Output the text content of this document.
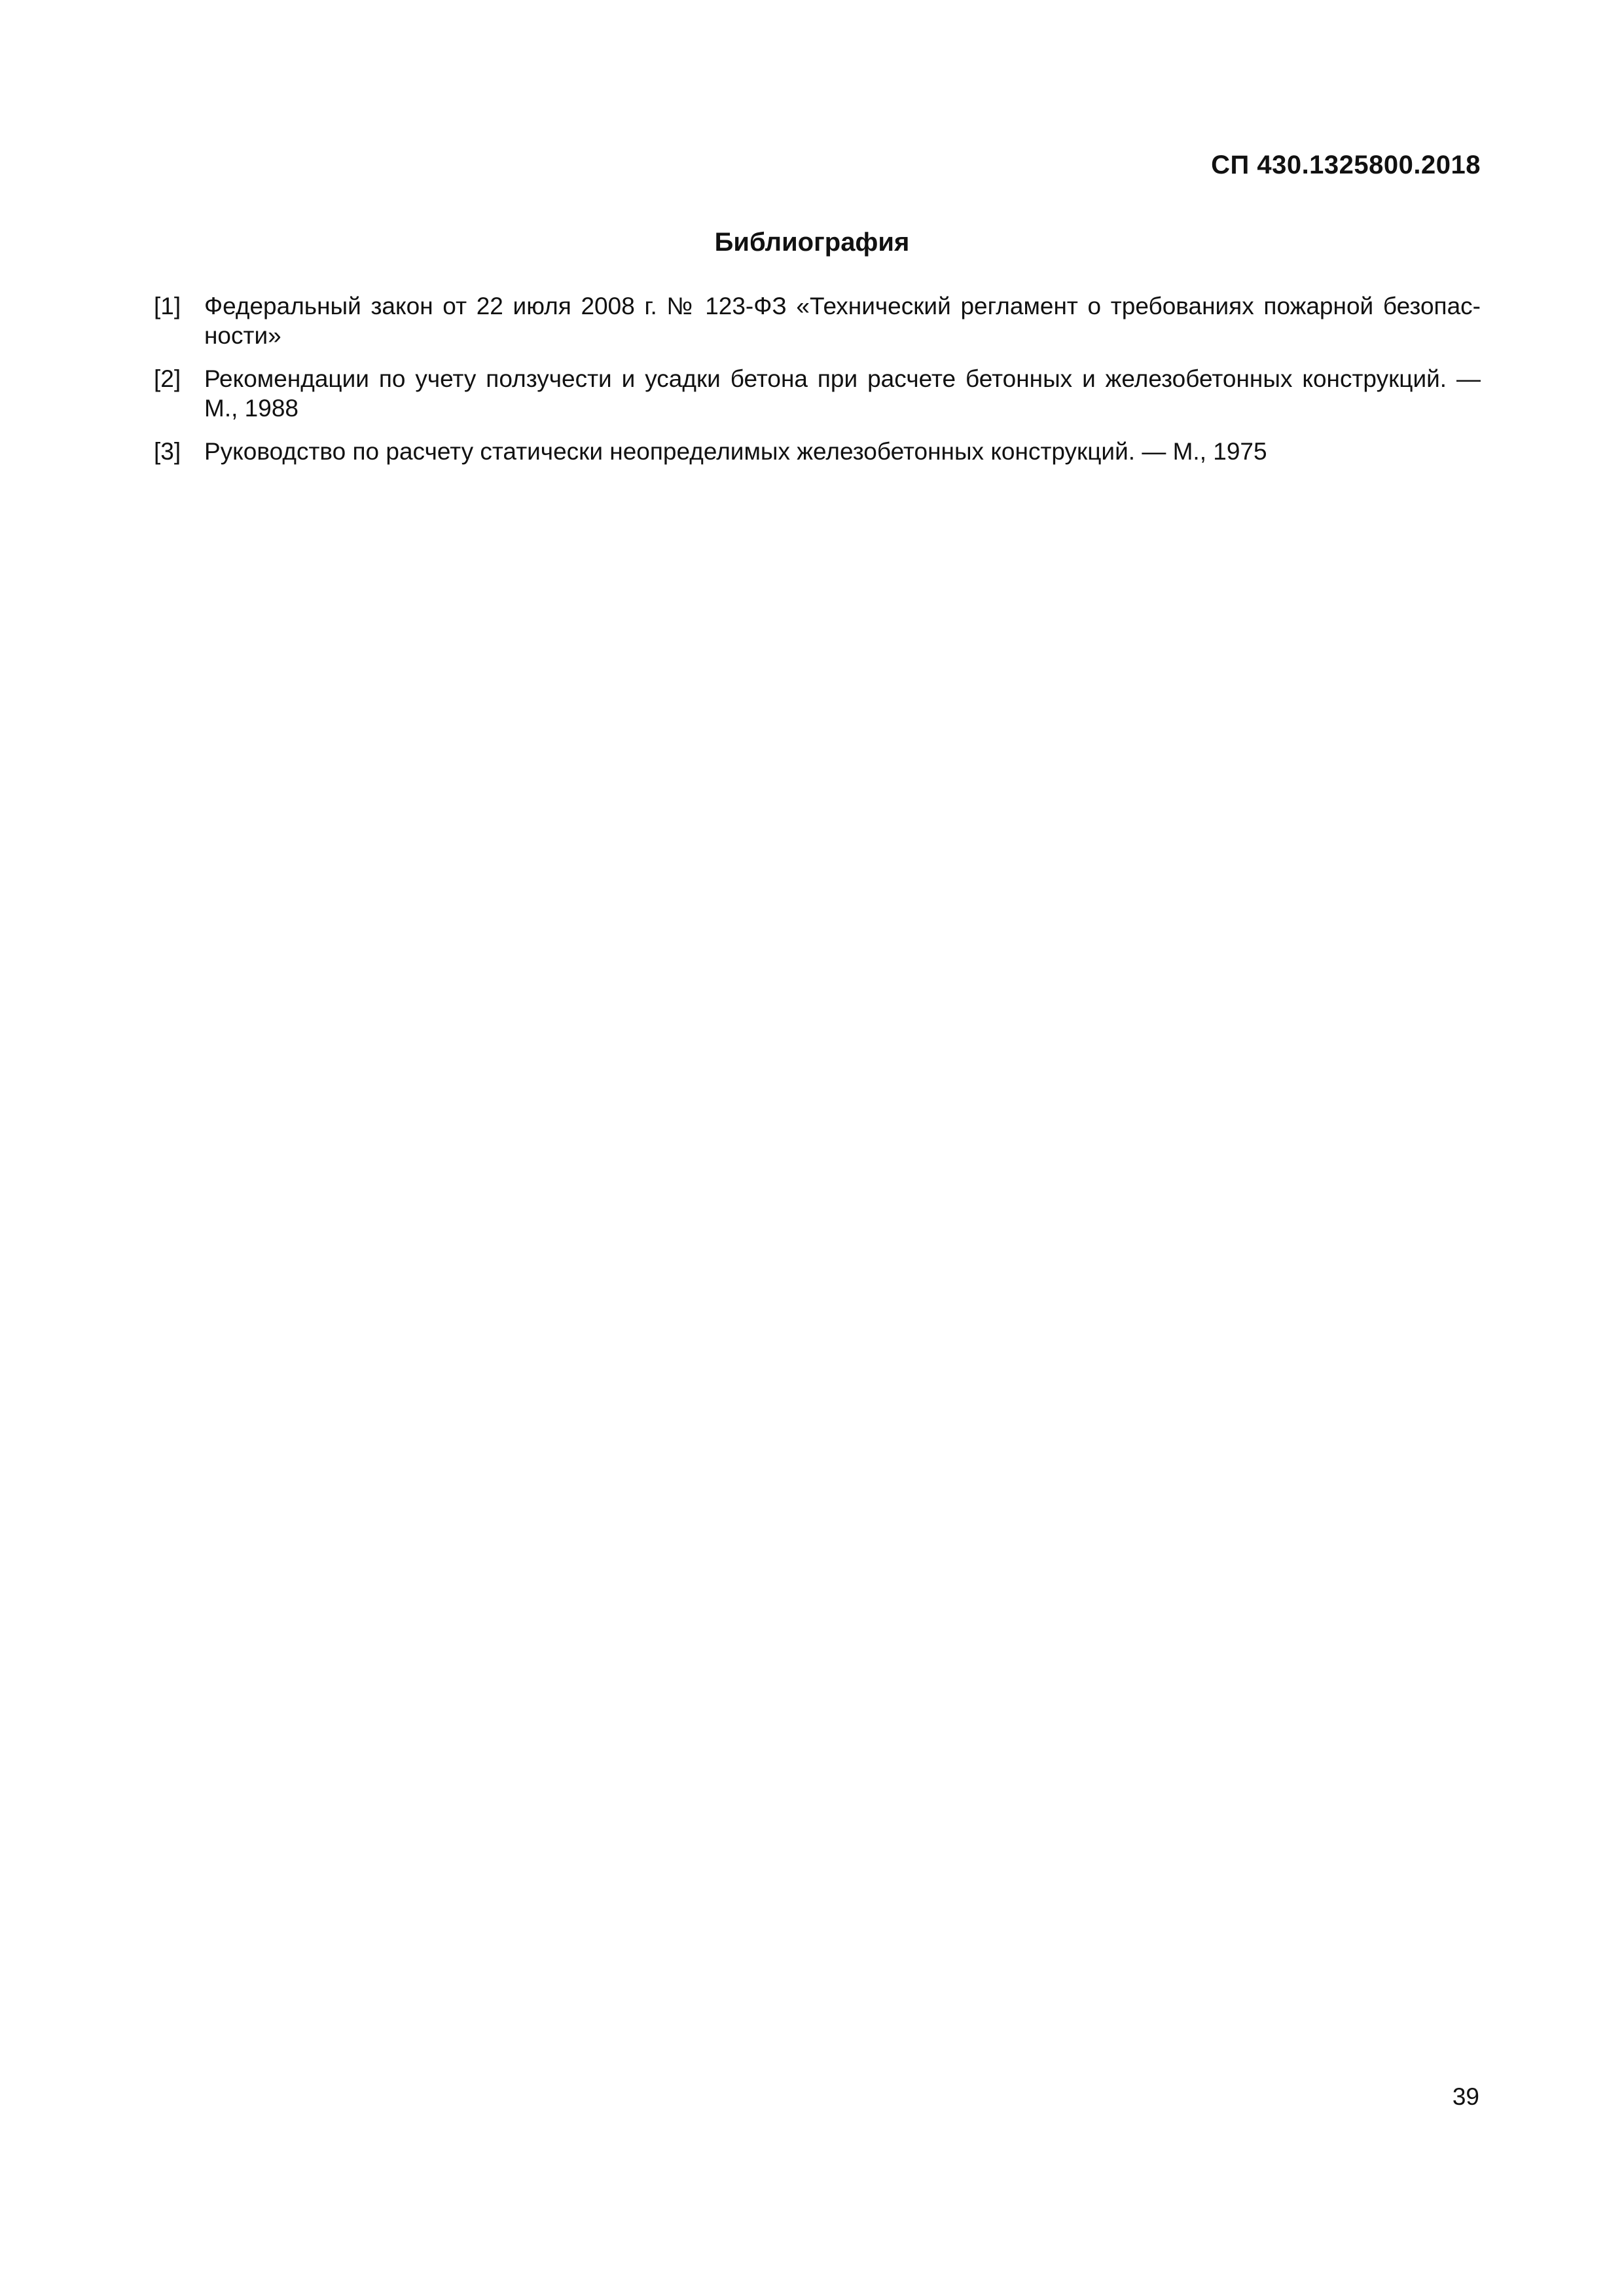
СП 430.1325800.2018
Библиография
[1] Федеральный закон от 22 июля 2008 г. № 123-ФЗ «Технический регламент о требованиях пожарной безопасности»
[2] Рекомендации по учету ползучести и усадки бетона при расчете бетонных и железобетонных конструкций. — М., 1988
[3] Руководство по расчету статически неопределимых железобетонных конструкций. — М., 1975
39
